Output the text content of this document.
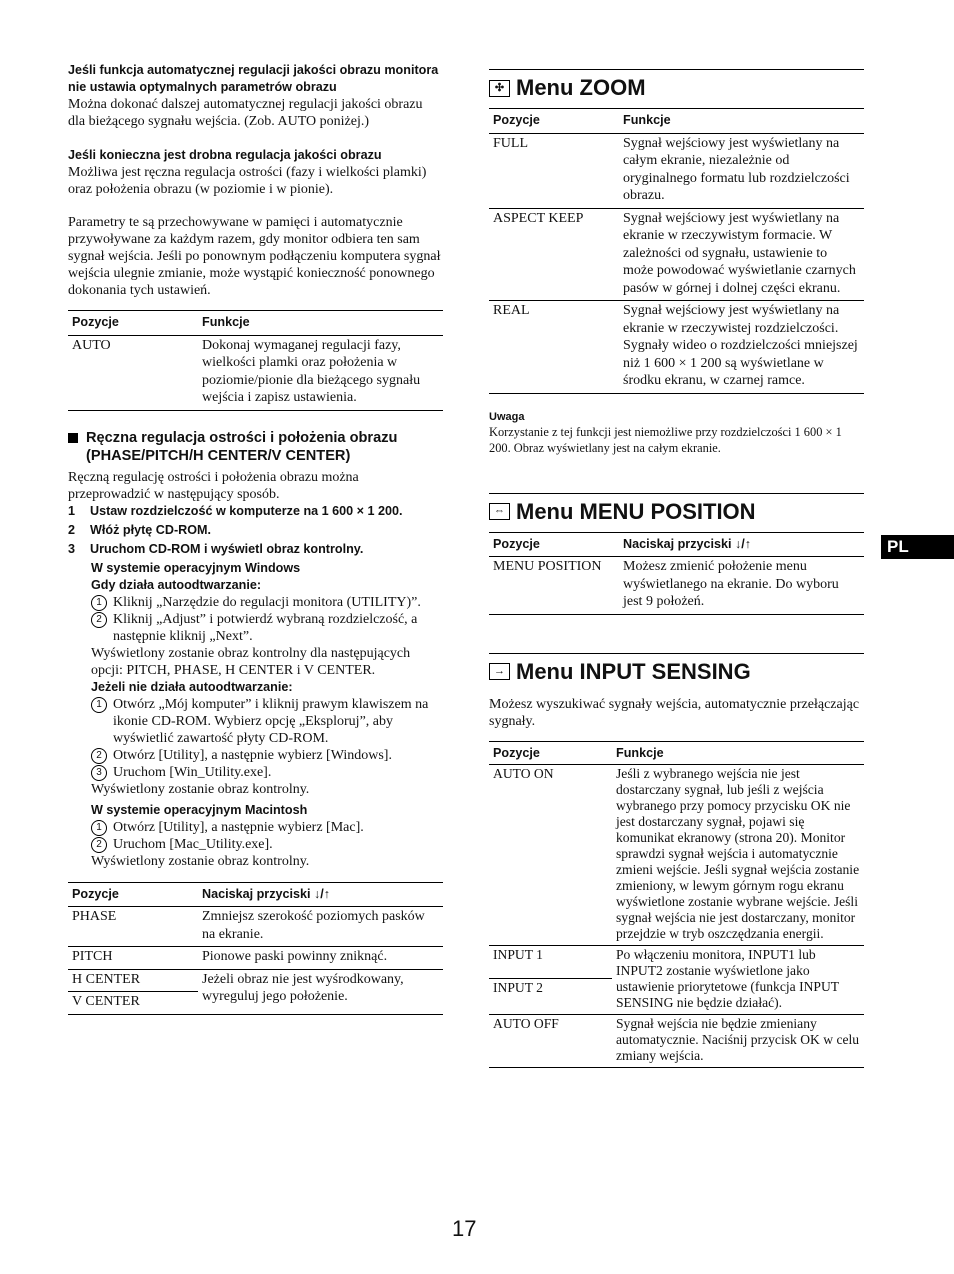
Jeśli funkcja automatycznej regulacji jakości obrazu monitora nie ustawia optymalnych parametrów obrazu
Można dokonać dalszej automatycznej regulacji jakości obrazu dla bieżącego sygnału wejścia. (Zob. AUTO poniżej.)
Jeśli konieczna jest drobna regulacja jakości obrazu
Możliwa jest ręczna regulacja ostrości (fazy i wielkości plamki) oraz położenia obrazu (w poziomie i w pionie).
Parametry te są przechowywane w pamięci i automatycznie przywoływane za każdym razem, gdy monitor odbiera ten sam sygnał wejścia. Jeśli po ponownym podłączeniu komputera sygnał wejścia ulegnie zmianie, może wystąpić konieczność ponownego dokonania tych ustawień.
Pozycje	Funkcje
AUTO	Dokonaj wymaganej regulacji fazy, wielkości plamki oraz położenia w poziomie/pionie dla bieżącego sygnału wejścia i zapisz ustawienia.
Ręczna regulacja ostrości i położenia obrazu (PHASE/PITCH/H CENTER/V CENTER)
Ręczną regulację ostrości i położenia obrazu można przeprowadzić w następujący sposób.
1 Ustaw rozdzielczość w komputerze na 1 600 × 1 200.
2 Włóż płytę CD-ROM.
3 Uruchom CD-ROM i wyświetl obraz kontrolny.
W systemie operacyjnym Windows
Gdy działa autoodtwarzanie:
1 Kliknij „Narzędzie do regulacji monitora (UTILITY)”.
2 Kliknij „Adjust” i potwierdź wybraną rozdzielczość, a następnie kliknij „Next”.
Wyświetlony zostanie obraz kontrolny dla następujących opcji: PITCH, PHASE, H CENTER i V CENTER.
Jeżeli nie działa autoodtwarzanie:
1 Otwórz „Mój komputer” i kliknij prawym klawiszem na ikonie CD-ROM. Wybierz opcję „Eksploruj”, aby wyświetlić zawartość płyty CD-ROM.
2 Otwórz [Utility], a następnie wybierz [Windows].
3 Uruchom [Win_Utility.exe].
Wyświetlony zostanie obraz kontrolny.
W systemie operacyjnym Macintosh
1 Otwórz [Utility], a następnie wybierz [Mac].
2 Uruchom [Mac_Utility.exe].
Wyświetlony zostanie obraz kontrolny.
Pozycje	Naciskaj przyciski ↓/↑
PHASE	Zmniejsz szerokość poziomych pasków na ekranie.
PITCH	Pionowe paski powinny zniknąć.
H CENTER	Jeżeli obraz nie jest wyśrodkowany, wyreguluj jego położenie.
V CENTER	
✣ Menu ZOOM
Pozycje	Funkcje
FULL	Sygnał wejściowy jest wyświetlany na całym ekranie, niezależnie od oryginalnego formatu lub rozdzielczości obrazu.
ASPECT KEEP	Sygnał wejściowy jest wyświetlany na ekranie w rzeczywistym formacie. W zależności od sygnału, ustawienie to może powodować wyświetlanie czarnych pasów w górnej i dolnej części ekranu.
REAL	Sygnał wejściowy jest wyświetlany na ekranie w rzeczywistej rozdzielczości. Sygnały wideo o rozdzielczości mniejszej niż 1 600 × 1 200 są wyświetlane w środku ekranu, w czarnej ramce.
Uwaga
Korzystanie z tej funkcji jest niemożliwe przy rozdzielczości 1 600 × 1 200. Obraz wyświetlany jest na całym ekranie.
⇔ Menu MENU POSITION
Pozycje	Naciskaj przyciski ↓/↑
MENU POSITION	Możesz zmienić położenie menu wyświetlanego na ekranie. Do wyboru jest 9 położeń.
→ Menu INPUT SENSING
Możesz wyszukiwać sygnały wejścia, automatycznie przełączając sygnały.
Pozycje	Funkcje
AUTO ON	Jeśli z wybranego wejścia nie jest dostarczany sygnał, lub jeśli z wejścia wybranego przy pomocy przycisku OK nie jest dostarczany sygnał, pojawi się komunikat ekranowy (strona 20). Monitor sprawdzi sygnał wejścia i automatycznie zmieni wejście. Jeśli sygnał wejścia zostanie zmieniony, w lewym górnym rogu ekranu wyświetlone zostanie wybrane wejście. Jeśli sygnał wejścia nie jest dostarczany, monitor przejdzie w tryb oszczędzania energii.
INPUT 1	Po włączeniu monitora, INPUT1 lub INPUT2 zostanie wyświetlone jako ustawienie priorytetowe (funkcja INPUT SENSING nie będzie działać).
INPUT 2	
AUTO OFF	Sygnał wejścia nie będzie zmieniany automatycznie. Naciśnij przycisk OK w celu zmiany wejścia.
PL
17
